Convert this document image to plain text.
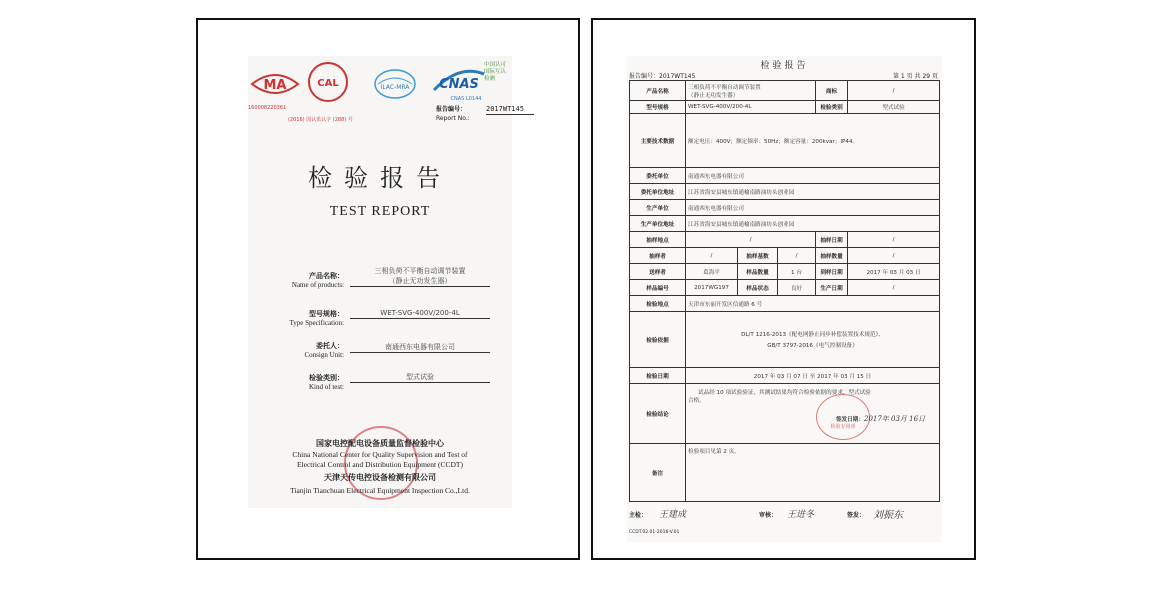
MA
160008220361
CAL
(2016) 国认监认字 (288) 号
ILAC-MRA CNAS
CNAS L0144
中国认可
国际互认
检测
报告编号：
Report No.:
2017WT145
检验报告
TEST REPORT
产品名称：
Name of products:
三相负荷不平衡自动调节装置
（静止无功发生器）
型号规格：
Type Specification:
WET-SVG-400V/200-4L
委托人：
Consign Unit:
南通西东电器有限公司
检验类别：
Kind of test:
型式试验
国家电控配电设备质量监督检验中心
China National Center for Quality Supervision and Test of
Electrical Control and Distribution Equipment (CCDT)
天津天传电控设备检测有限公司
Tianjin Tianchuan Electrical Equipment Inspection Co.,Ltd.
检验报告
报告编号：2017WT145	第 1 页 共 29 页
产品名称	三相负荷不平衡自动调节装置
（静止无功发生器）			商标	/
型号规格	WET-SVG-400V/200-4L			检验类别	型式试验
主要技术数据	额定电压：400V；额定频率：50Hz；额定容量：200kvar；IP44。				
委托单位	南通西东电器有限公司				
委托单位地址	江苏省海安县城东镇通榆南路油坊头创业园				
生产单位	南通西东电器有限公司				
生产单位地址	江苏省海安县城东镇通榆南路油坊头创业园				
抽样地点	/			抽样日期	/
抽样者	/	抽样基数	/	抽样数量	/
送样者	葛海平	样品数量	1 台	到样日期	2017 年 03 月 03 日
样品编号	2017WG197	样品状态	良好	生产日期	/
检验地点	天津市东丽开发区信通路 6 号				
检验依据	DL/T 1216-2013《配电网静止同步补偿装置技术规范》、
GB/T 3797-2016《电气控制设备》				

检验日期	2017 年 03 月 07 日 至 2017 年 03 月 15 日				
检验结论	试品经 10 项试验验证，其测试结果均符合检验依据的要求，型式试验
合格。
检验专用章
签发日期：2017年 03月 16日				

备注	检验项目见第 2 页。				
主检： 王建成	审核： 王进冬	签发： 刘振东
CCDT.02.01-2016-V.01
